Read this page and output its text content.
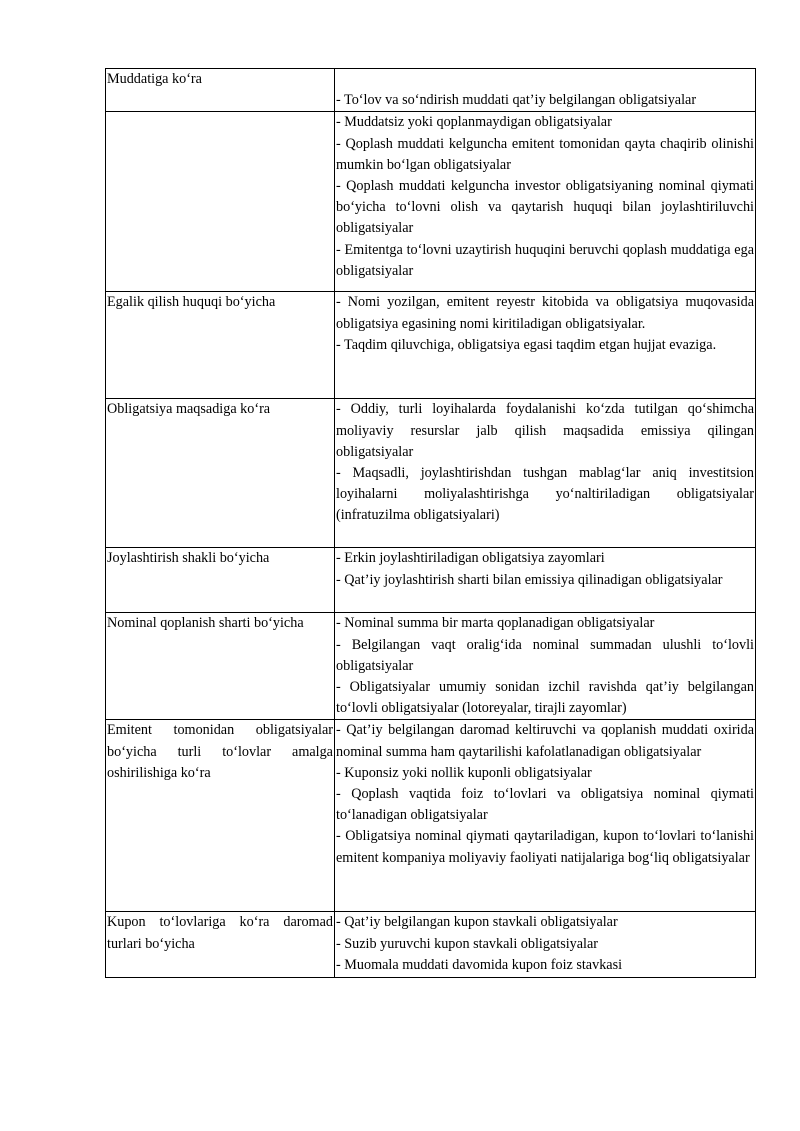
Muddatiga ko‘ra	- To‘lov va so‘ndirish muddati qat’iy belgilangan obligatsiyalar

	- Muddatsiz yoki qoplanmaydigan obligatsiyalar
- Qoplash muddati kelguncha emitent tomonidan qayta chaqirib olinishi mumkin bo‘lgan obligatsiyalar
- Qoplash muddati kelguncha investor obligatsiyaning nominal qiymati bo‘yicha to‘lovni olish va qaytarish huquqi bilan joylashtiriluvchi obligatsiyalar
- Emitentga to‘lovni uzaytirish huquqini beruvchi qoplash muddatiga ega obligatsiyalar

Egalik qilish huquqi bo‘yicha	- Nomi yozilgan, emitent reyestr kitobida va obligatsiya muqovasida obligatsiya egasining nomi kiritiladigan obligatsiyalar.
- Taqdim qiluvchiga, obligatsiya egasi taqdim etgan hujjat evaziga.

Obligatsiya maqsadiga ko‘ra	- Oddiy, turli loyihalarda foydalanishi ko‘zda tutilgan qo‘shimcha moliyaviy resurslar jalb qilish maqsadida emissiya qilingan obligatsiyalar
- Maqsadli, joylashtirishdan tushgan mablag‘lar aniq investitsion loyihalarni moliyalashtirishga yo‘naltiriladigan obligatsiyalar (infratuzilma obligatsiyalari)

Joylashtirish shakli bo‘yicha	- Erkin joylashtiriladigan obligatsiya zayomlari
- Qat’iy joylashtirish sharti bilan emissiya qilinadigan obligatsiyalar

Nominal qoplanish sharti bo‘yicha	- Nominal summa bir marta qoplanadigan obligatsiyalar
- Belgilangan vaqt oralig‘ida nominal summadan ulushli to‘lovli obligatsiyalar
- Obligatsiyalar umumiy sonidan izchil ravishda qat’iy belgilangan to‘lovli obligatsiyalar (lotoreyalar, tirajli zayomlar)

Emitent tomonidan obligatsiyalar bo‘yicha turli to‘lovlar amalga oshirilishiga ko‘ra	- Qat’iy belgilangan daromad keltiruvchi va qoplanish muddati oxirida nominal summa ham qaytarilishi kafolatlanadigan obligatsiyalar
- Kuponsiz yoki nollik kuponli obligatsiyalar
- Qoplash vaqtida foiz to‘lovlari va obligatsiya nominal qiymati to‘lanadigan obligatsiyalar
- Obligatsiya nominal qiymati qaytariladigan, kupon to‘lovlari to‘lanishi emitent kompaniya moliyaviy faoliyati natijalariga bog‘liq obligatsiyalar

Kupon to‘lovlariga ko‘ra daromad turlari bo‘yicha	- Qat’iy belgilangan kupon stavkali obligatsiyalar
- Suzib yuruvchi kupon stavkali obligatsiyalar
- Muomala muddati davomida kupon foiz stavkasi
